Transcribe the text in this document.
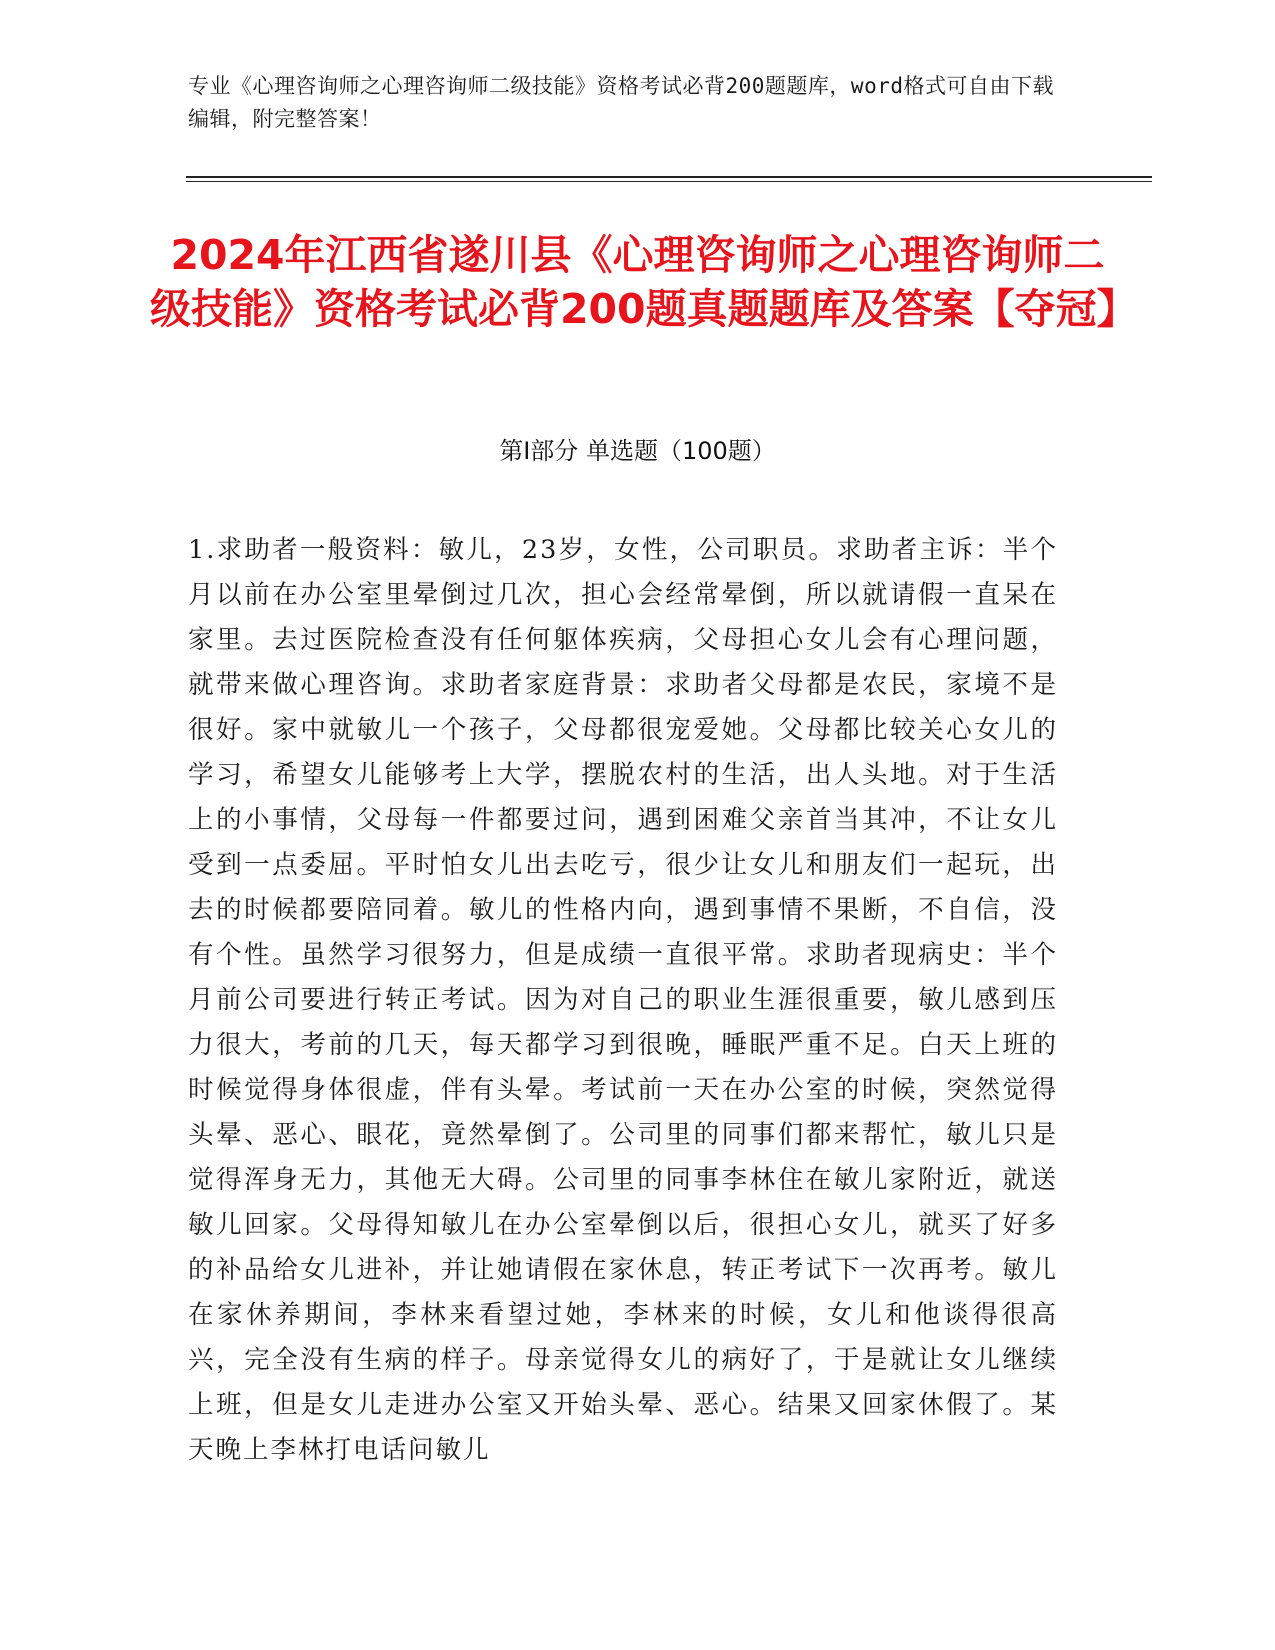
专业《心理咨询师之心理咨询师二级技能》资格考试必背200题题库，word格式可自由下载编辑，附完整答案！
2024年江西省遂川县《心理咨询师之心理咨询师二级技能》资格考试必背200题真题题库及答案【夺冠】
第I部分 单选题（100题）
1.求助者一般资料：敏儿，23岁，女性，公司职员。求助者主诉：半个月以前在办公室里晕倒过几次，担心会经常晕倒，所以就请假一直呆在家里。去过医院检查没有任何躯体疾病，父母担心女儿会有心理问题，就带来做心理咨询。求助者家庭背景：求助者父母都是农民，家境不是很好。家中就敏儿一个孩子，父母都很宠爱她。父母都比较关心女儿的学习，希望女儿能够考上大学，摆脱农村的生活，出人头地。对于生活上的小事情，父母每一件都要过问，遇到困难父亲首当其冲，不让女儿受到一点委屈。平时怕女儿出去吃亏，很少让女儿和朋友们一起玩，出去的时候都要陪同着。敏儿的性格内向，遇到事情不果断，不自信，没有个性。虽然学习很努力，但是成绩一直很平常。求助者现病史：半个月前公司要进行转正考试。因为对自己的职业生涯很重要，敏儿感到压力很大，考前的几天，每天都学习到很晚，睡眠严重不足。白天上班的时候觉得身体很虚，伴有头晕。考试前一天在办公室的时候，突然觉得头晕、恶心、眼花，竟然晕倒了。公司里的同事们都来帮忙，敏儿只是觉得浑身无力，其他无大碍。公司里的同事李林住在敏儿家附近，就送敏儿回家。父母得知敏儿在办公室晕倒以后，很担心女儿，就买了好多的补品给女儿进补，并让她请假在家休息，转正考试下一次再考。敏儿在家休养期间，李林来看望过她，李林来的时候，女儿和他谈得很高兴，完全没有生病的样子。母亲觉得女儿的病好了，于是就让女儿继续上班，但是女儿走进办公室又开始头晕、恶心。结果又回家休假了。某天晚上李林打电话问敏儿
